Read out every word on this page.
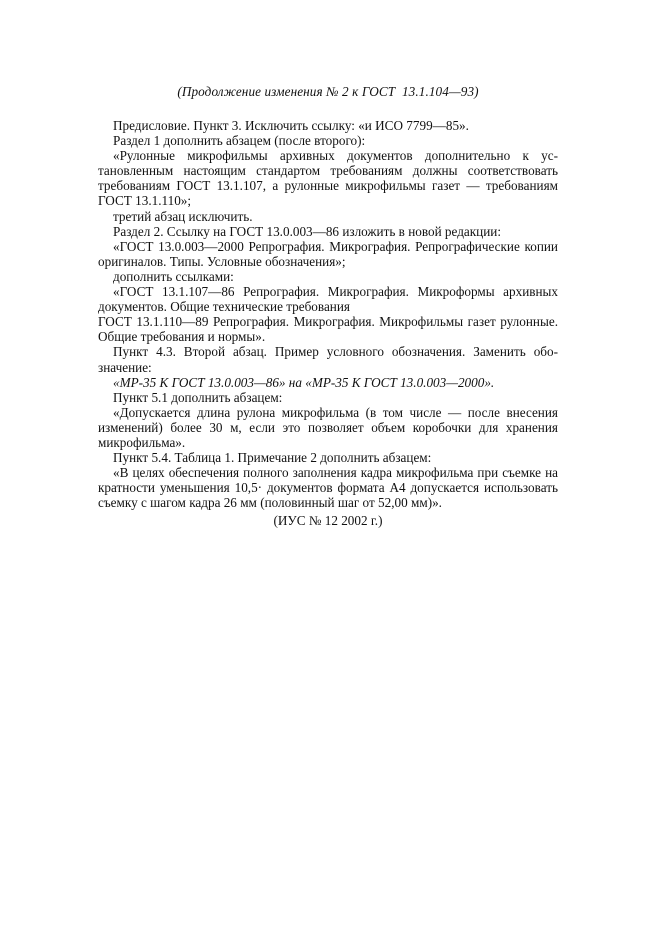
(Продолжение изменения № 2 к ГОСТ  13.1.104—93)

Предисловие. Пункт 3. Исключить ссылку: «и ИСО 7799—85».

Раздел 1 дополнить абзацем (после второго):

«Рулонные микрофильмы архивных документов дополнительно к установленным настоящим стандартом требованиям должны соответствовать требованиям ГОСТ 13.1.107, а рулонные микрофильмы газет — требованиям ГОСТ 13.1.110»;

третий абзац исключить.

Раздел 2. Ссылку на ГОСТ 13.0.003—86 изложить в новой редакции:

«ГОСТ 13.0.003—2000 Репрография. Микрография. Репрографические копии оригиналов. Типы. Условные обозначения»;

дополнить ссылками:

«ГОСТ 13.1.107—86 Репрография. Микрография. Микроформы архивных документов. Общие технические требования

ГОСТ 13.1.110—89 Репрография. Микрография. Микрофильмы газет рулонные. Общие требования и нормы».

Пункт 4.3. Второй абзац. Пример условного обозначения. Заменить обозначение:

«МР-35 К ГОСТ 13.0.003—86» на «МР-35 К ГОСТ 13.0.003—2000».

Пункт 5.1 дополнить абзацем:

«Допускается длина рулона микрофильма (в том числе — после внесения изменений) более 30 м, если это позволяет объем коробочки для хранения микрофильма».

Пункт 5.4. Таблица 1. Примечание 2 дополнить абзацем:

«В целях обеспечения полного заполнения кадра микрофильма при съемке на кратности уменьшения 10,5· документов формата А4 допускается использовать съемку с шагом кадра 26 мм (половинный шаг от 52,00 мм)».

(ИУС № 12 2002 г.)
